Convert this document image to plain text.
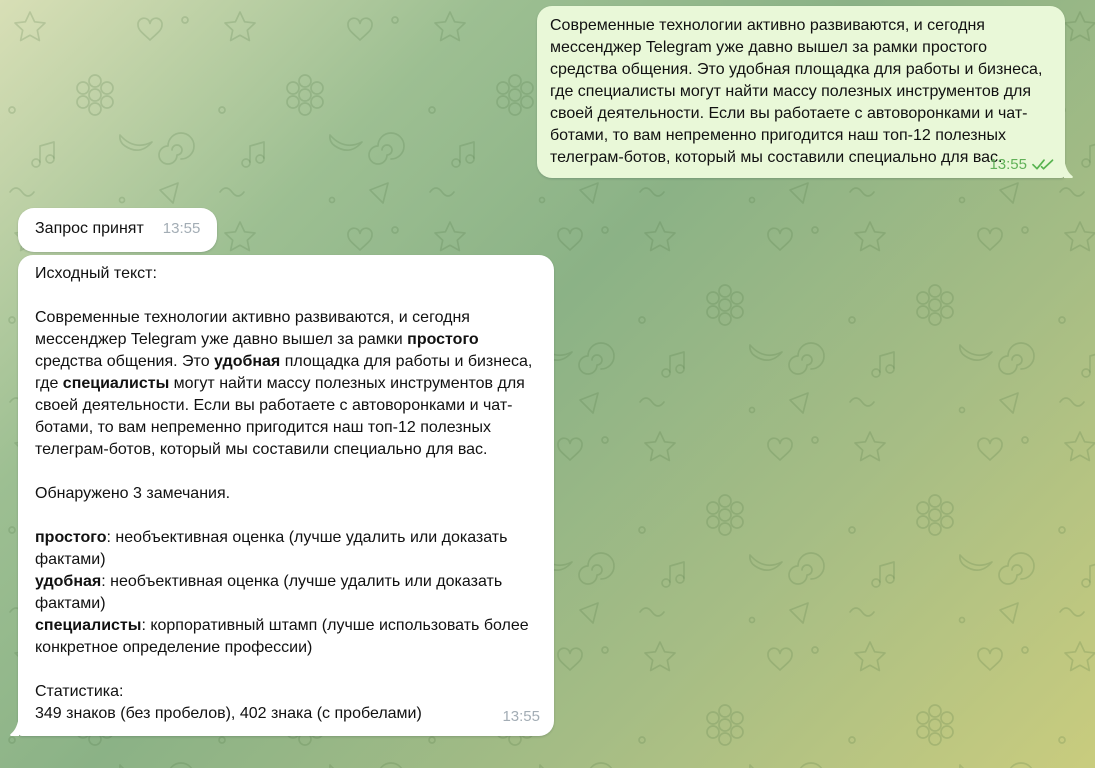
Современные технологии активно развиваются, и сегодня мессенджер Telegram уже давно вышел за рамки простого средства общения. Это удобная площадка для работы и бизнеса, где специалисты могут найти массу полезных инструментов для своей деятельности. Если вы работаете с автоворонками и чат-ботами, то вам непременно пригодится наш топ-12 полезных телеграм-ботов, который мы составили специально для вас.
13:55
Запрос принят 13:55
Исходный текст:

Современные технологии активно развиваются, и сегодня мессенджер Telegram уже давно вышел за рамки простого средства общения. Это удобная площадка для работы и бизнеса, где специалисты могут найти массу полезных инструментов для своей деятельности. Если вы работаете с автоворонками и чат-ботами, то вам непременно пригодится наш топ-12 полезных телеграм-ботов, который мы составили специально для вас.

Обнаружено 3 замечания.

простого: необъективная оценка (лучше удалить или доказать фактами)
удобная: необъективная оценка (лучше удалить или доказать фактами)
специалисты: корпоративный штамп (лучше использовать более конкретное определение профессии)

Статистика:
349 знаков (без пробелов), 402 знака (с пробелами)	13:55
